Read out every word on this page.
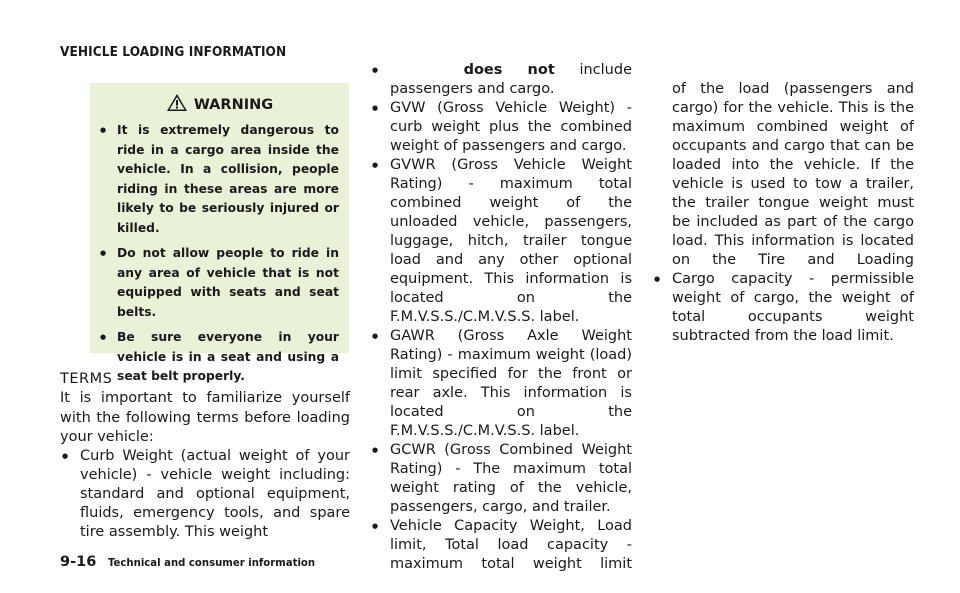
VEHICLE LOADING INFORMATION
WARNING
● It is extremely dangerous to ride in a cargo area inside the vehicle. In a collision, people riding in these areas are more likely to be seriously injured or killed.
● Do not allow people to ride in any area of vehicle that is not equipped with seats and seat belts.
● Be sure everyone in your vehicle is in a seat and using a seat belt properly.
TERMS
It is important to familiarize yourself with the following terms before loading your vehicle:
● Curb Weight (actual weight of your vehicle) - vehicle weight including: standard and optional equipment, fluids, emergency tools, and spare tire assembly. This weight
● does not include passengers and cargo.
● GVW (Gross Vehicle Weight) - curb weight plus the combined weight of passengers and cargo.
● GVWR (Gross Vehicle Weight Rating) - maximum total combined weight of the unloaded vehicle, passengers, luggage, hitch, trailer tongue load and any other optional equipment. This information is located on the F.M.V.S.S./C.M.V.S.S. label.
● GAWR (Gross Axle Weight Rating) - maximum weight (load) limit specified for the front or rear axle. This information is located on the F.M.V.S.S./C.M.V.S.S. label.
● GCWR (Gross Combined Weight Rating) - The maximum total weight rating of the vehicle, passengers, cargo, and trailer.
● Vehicle Capacity Weight, Load limit, Total load capacity - maximum total weight limit
of the load (passengers and cargo) for the vehicle. This is the maximum combined weight of occupants and cargo that can be loaded into the vehicle. If the vehicle is used to tow a trailer, the trailer tongue weight must be included as part of the cargo load. This information is located on the Tire and Loading
● Cargo capacity - permissible weight of cargo, the weight of total occupants weight subtracted from the load limit.
9-16 Technical and consumer information
